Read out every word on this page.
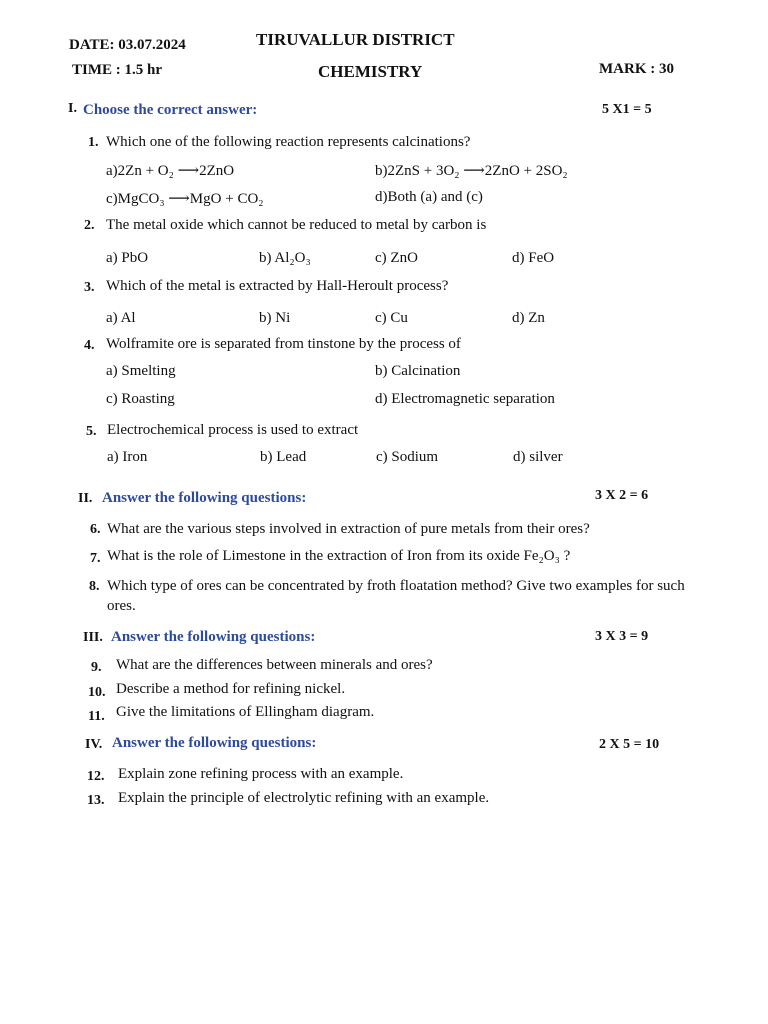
DATE: 03.07.2024	TIRUVALLUR DISTRICT
TIME : 1.5 hr	CHEMISTRY	MARK : 30
I. Choose the correct answer:	5 X1 = 5
1. Which one of the following reaction represents calcinations?
a)2Zn + O₂ ⟶2ZnO	b)2ZnS + 3O₂ ⟶2ZnO + 2SO₂
c)MgCO₃ ⟶MgO + CO₂	d)Both (a) and (c)
2. The metal oxide which cannot be reduced to metal by carbon is
a) PbO	b) Al₂O₃	c) ZnO	d) FeO
3. Which of the metal is extracted by Hall-Heroult process?
a) Al	b) Ni	c) Cu	d) Zn
4. Wolframite ore is separated from tinstone by the process of
a) Smelting	b) Calcination
c) Roasting	d) Electromagnetic separation
5. Electrochemical process is used to extract
a) Iron	b) Lead	c) Sodium	d) silver
II. Answer the following questions:	3 X 2 = 6
6. What are the various steps involved in extraction of pure metals from their ores?
7. What is the role of Limestone in the extraction of Iron from its oxide Fe₂O₃ ?
8. Which type of ores can be concentrated by froth floatation method? Give two examples for such ores.
III. Answer the following questions:	3 X 3 = 9
9. What are the differences between minerals and ores?
10. Describe a method for refining nickel.
11. Give the limitations of Ellingham diagram.
IV. Answer the following questions:	2 X 5 = 10
12. Explain zone refining process with an example.
13. Explain the principle of electrolytic refining with an example.
